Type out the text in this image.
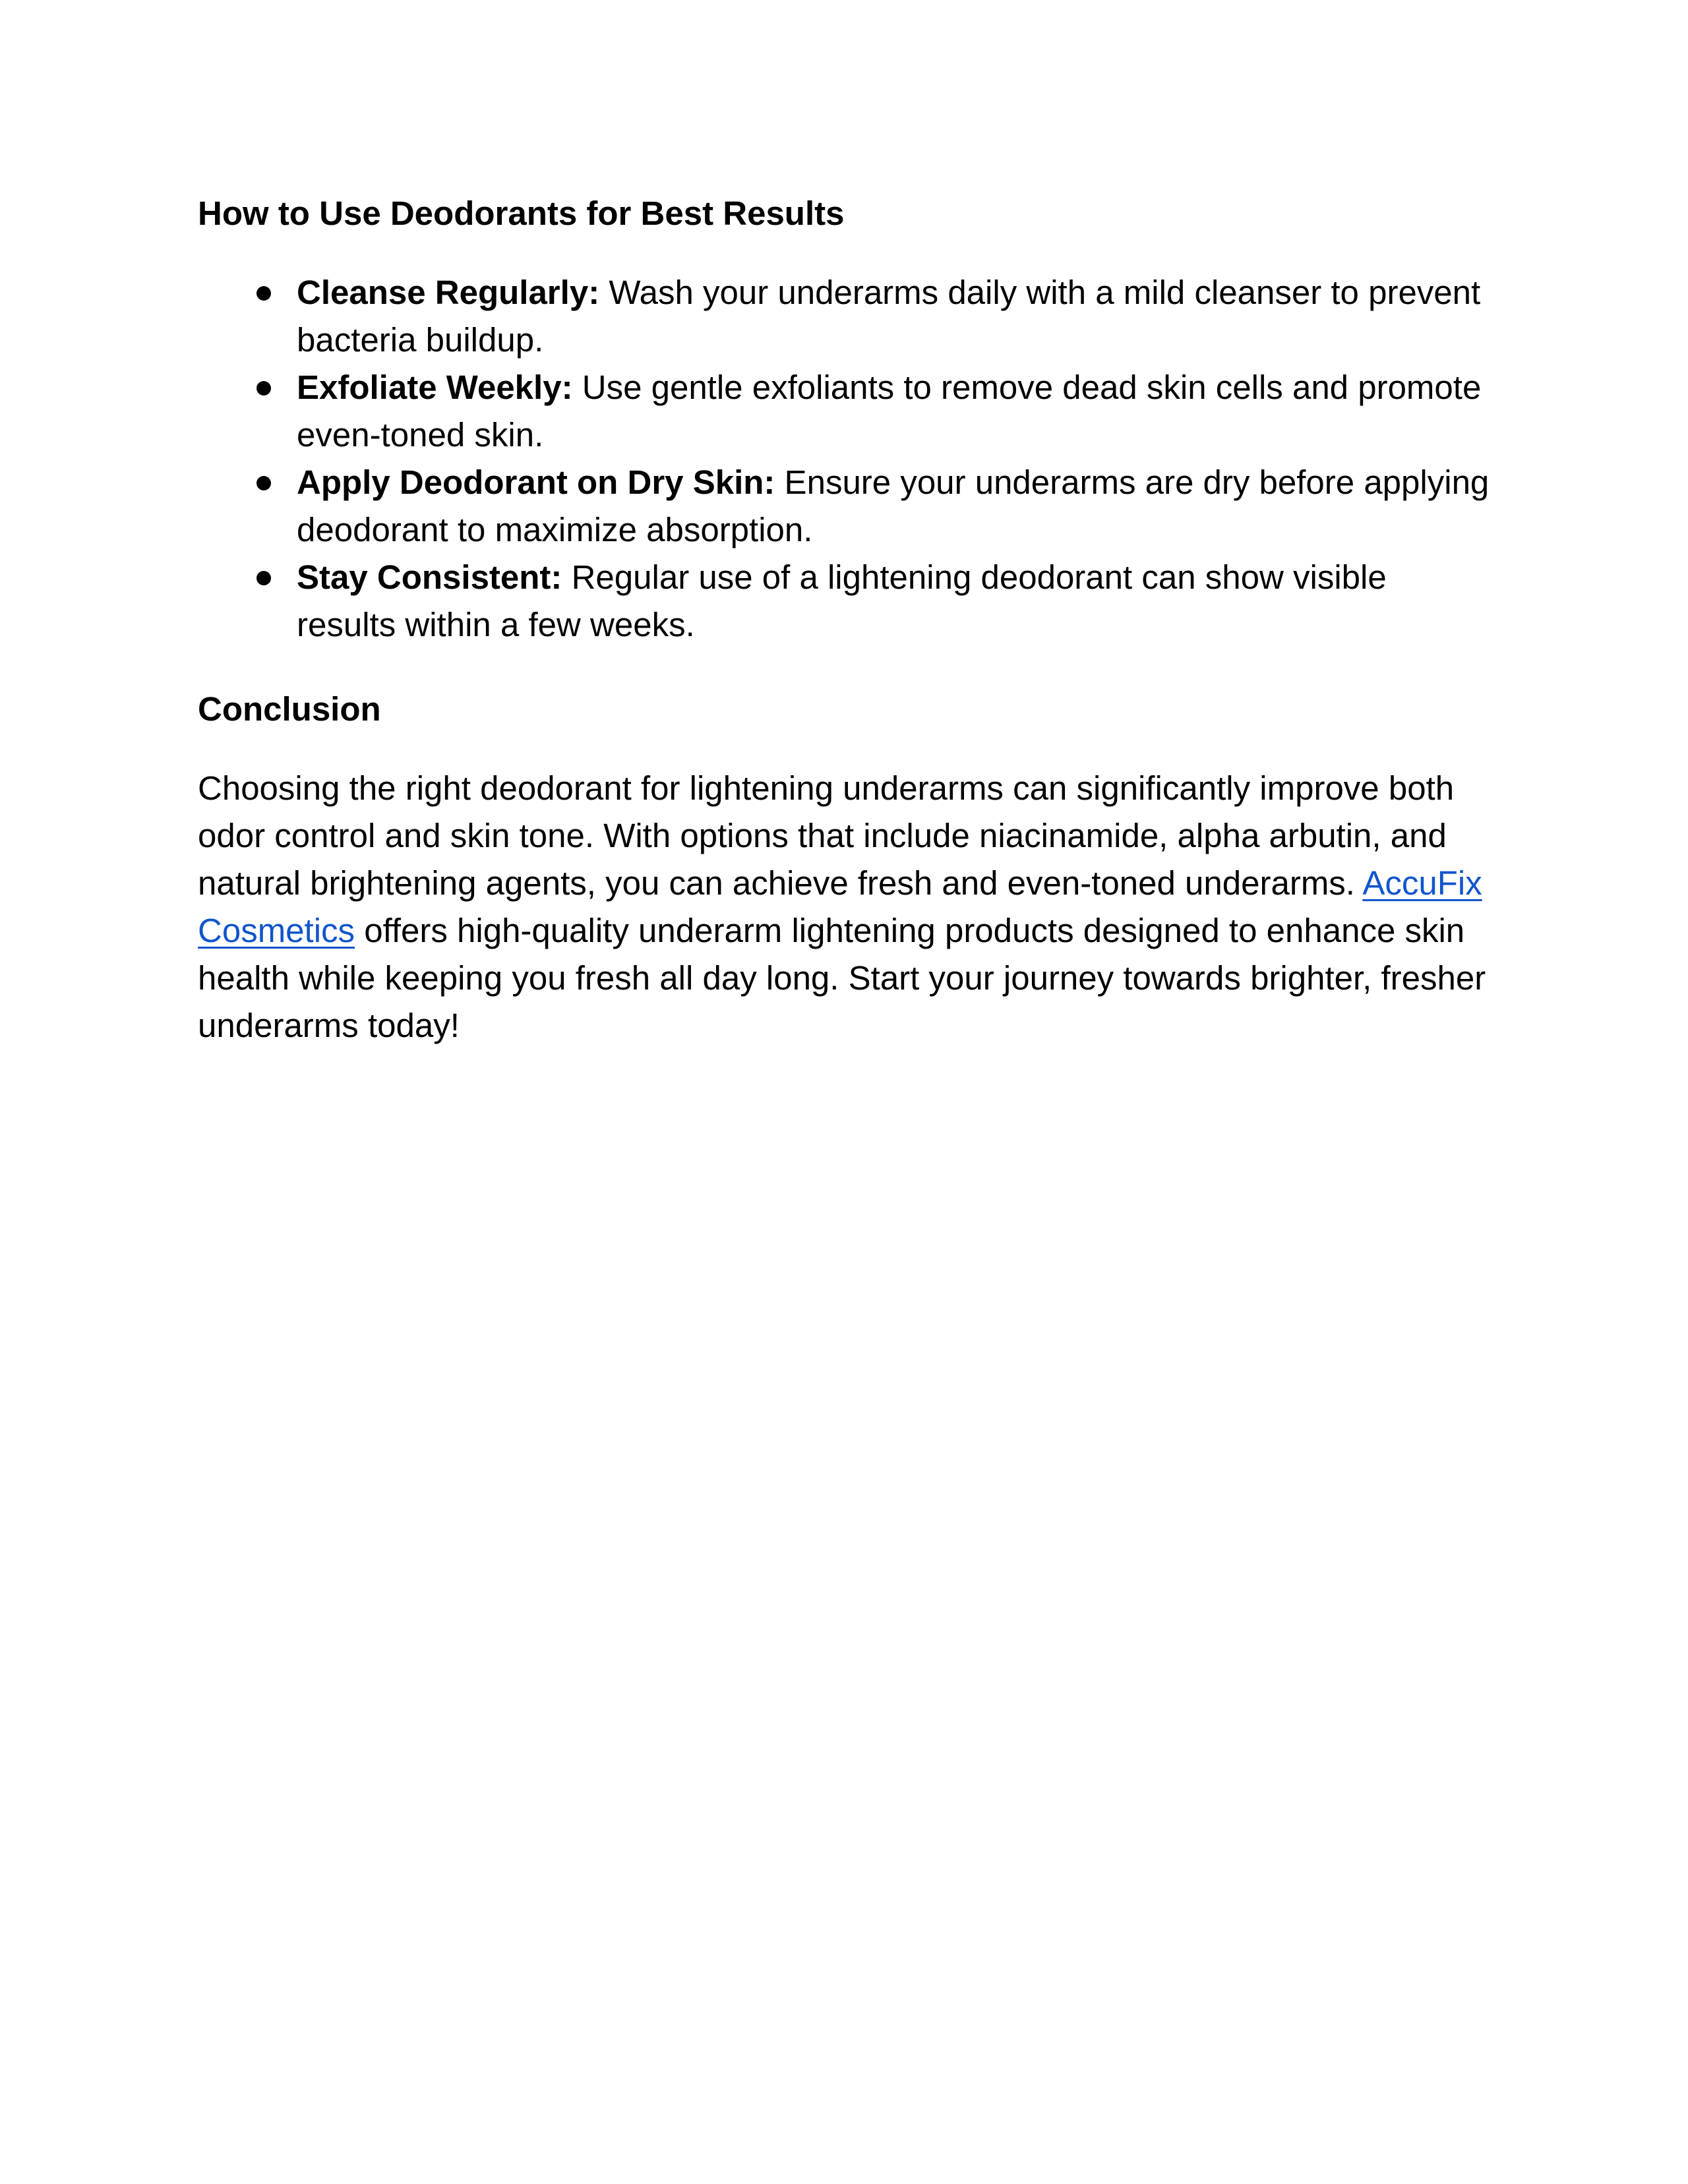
How to Use Deodorants for Best Results
Cleanse Regularly: Wash your underarms daily with a mild cleanser to prevent bacteria buildup.
Exfoliate Weekly: Use gentle exfoliants to remove dead skin cells and promote even-toned skin.
Apply Deodorant on Dry Skin: Ensure your underarms are dry before applying deodorant to maximize absorption.
Stay Consistent: Regular use of a lightening deodorant can show visible results within a few weeks.
Conclusion

Choosing the right deodorant for lightening underarms can significantly improve both odor control and skin tone. With options that include niacinamide, alpha arbutin, and natural brightening agents, you can achieve fresh and even-toned underarms. AccuFix Cosmetics offers high-quality underarm lightening products designed to enhance skin health while keeping you fresh all day long. Start your journey towards brighter, fresher underarms today!
